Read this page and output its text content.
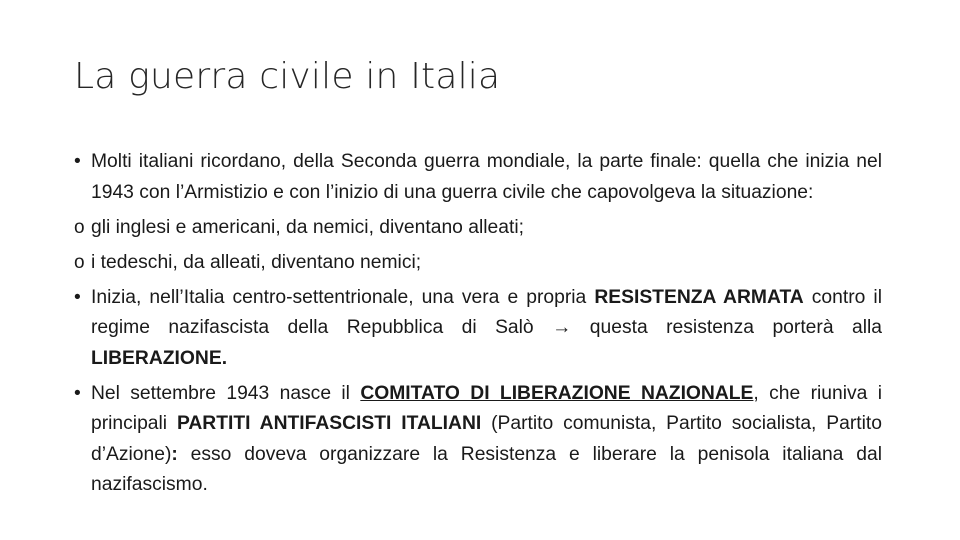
La guerra civile in Italia
• Molti italiani ricordano, della Seconda guerra mondiale, la parte finale: quella che inizia nel 1943 con l’Armistizio e con l’inizio di una guerra civile che capovolgeva la situazione:
o gli inglesi e americani, da nemici, diventano alleati;
o i tedeschi, da alleati, diventano nemici;
• Inizia, nell’Italia centro-settentrionale, una vera e propria RESISTENZA ARMATA contro il regime nazifascista della Repubblica di Salò → questa resistenza porterà alla LIBERAZIONE.
• Nel settembre 1943 nasce il COMITATO DI LIBERAZIONE NAZIONALE, che riuniva i principali PARTITI ANTIFASCISTI ITALIANI (Partito comunista, Partito socialista, Partito d’Azione): esso doveva organizzare la Resistenza e liberare la penisola italiana dal nazifascismo.
